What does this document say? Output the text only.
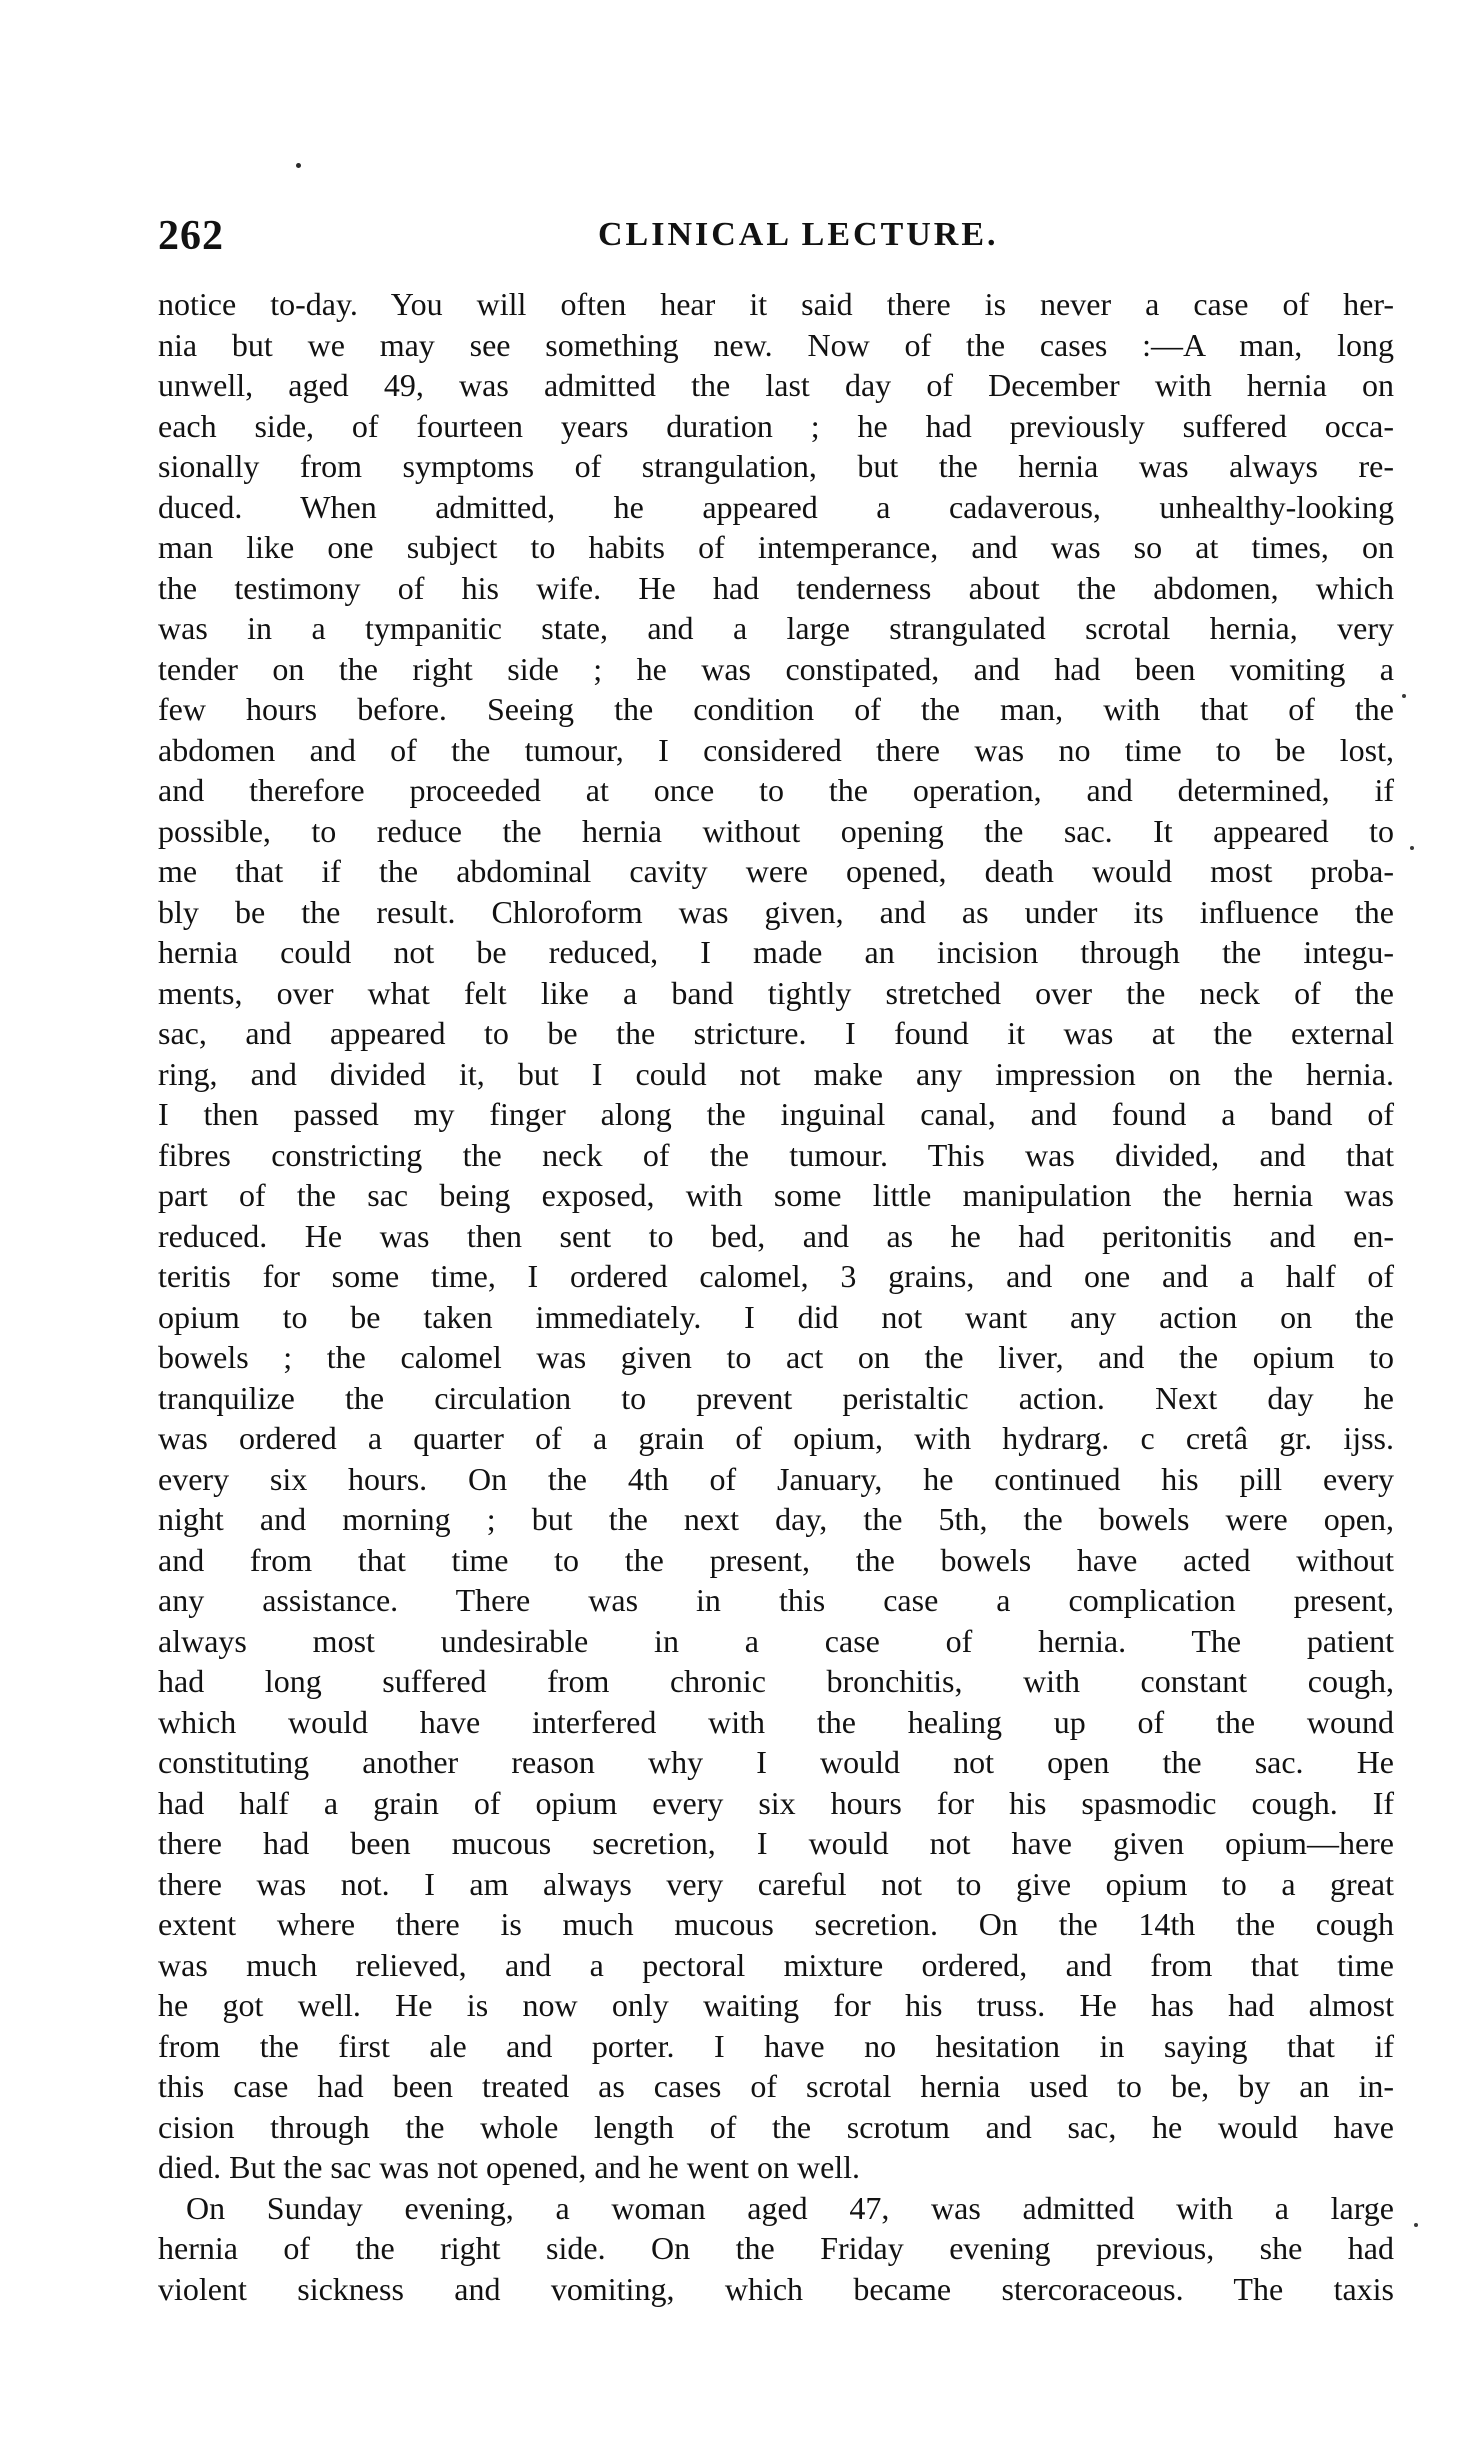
262	CLINICAL LECTURE.
notice to-day. You will often hear it said there is never a case of her-
nia but we may see something new. Now of the cases :—A man, long
unwell, aged 49, was admitted the last day of December with hernia on
each side, of fourteen years duration ; he had previously suffered occa-
sionally from symptoms of strangulation, but the hernia was always re-
duced. When admitted, he appeared a cadaverous, unhealthy-looking
man like one subject to habits of intemperance, and was so at times, on
the testimony of his wife. He had tenderness about the abdomen, which
was in a tympanitic state, and a large strangulated scrotal hernia, very
tender on the right side ; he was constipated, and had been vomiting a
few hours before. Seeing the condition of the man, with that of the
abdomen and of the tumour, I considered there was no time to be lost,
and therefore proceeded at once to the operation, and determined, if
possible, to reduce the hernia without opening the sac. It appeared to
me that if the abdominal cavity were opened, death would most proba-
bly be the result. Chloroform was given, and as under its influence the
hernia could not be reduced, I made an incision through the integu-
ments, over what felt like a band tightly stretched over the neck of the
sac, and appeared to be the stricture. I found it was at the external
ring, and divided it, but I could not make any impression on the hernia.
I then passed my finger along the inguinal canal, and found a band of
fibres constricting the neck of the tumour. This was divided, and that
part of the sac being exposed, with some little manipulation the hernia was
reduced. He was then sent to bed, and as he had peritonitis and en-
teritis for some time, I ordered calomel, 3 grains, and one and a half of
opium to be taken immediately. I did not want any action on the
bowels ; the calomel was given to act on the liver, and the opium to
tranquilize the circulation to prevent peristaltic action. Next day he
was ordered a quarter of a grain of opium, with hydrarg. c cretâ gr. ijss.
every six hours. On the 4th of January, he continued his pill every
night and morning ; but the next day, the 5th, the bowels were open,
and from that time to the present, the bowels have acted without
any assistance. There was in this case a complication present,
always most undesirable in a case of hernia. The patient
had long suffered from chronic bronchitis, with constant cough,
which would have interfered with the healing up of the wound
constituting another reason why I would not open the sac. He
had half a grain of opium every six hours for his spasmodic cough. If
there had been mucous secretion, I would not have given opium—here
there was not. I am always very careful not to give opium to a great
extent where there is much mucous secretion. On the 14th the cough
was much relieved, and a pectoral mixture ordered, and from that time
he got well. He is now only waiting for his truss. He has had almost
from the first ale and porter. I have no hesitation in saying that if
this case had been treated as cases of scrotal hernia used to be, by an in-
cision through the whole length of the scrotum and sac, he would have
died. But the sac was not opened, and he went on well.
On Sunday evening, a woman aged 47, was admitted with a large
hernia of the right side. On the Friday evening previous, she had
violent sickness and vomiting, which became stercoraceous. The taxis
